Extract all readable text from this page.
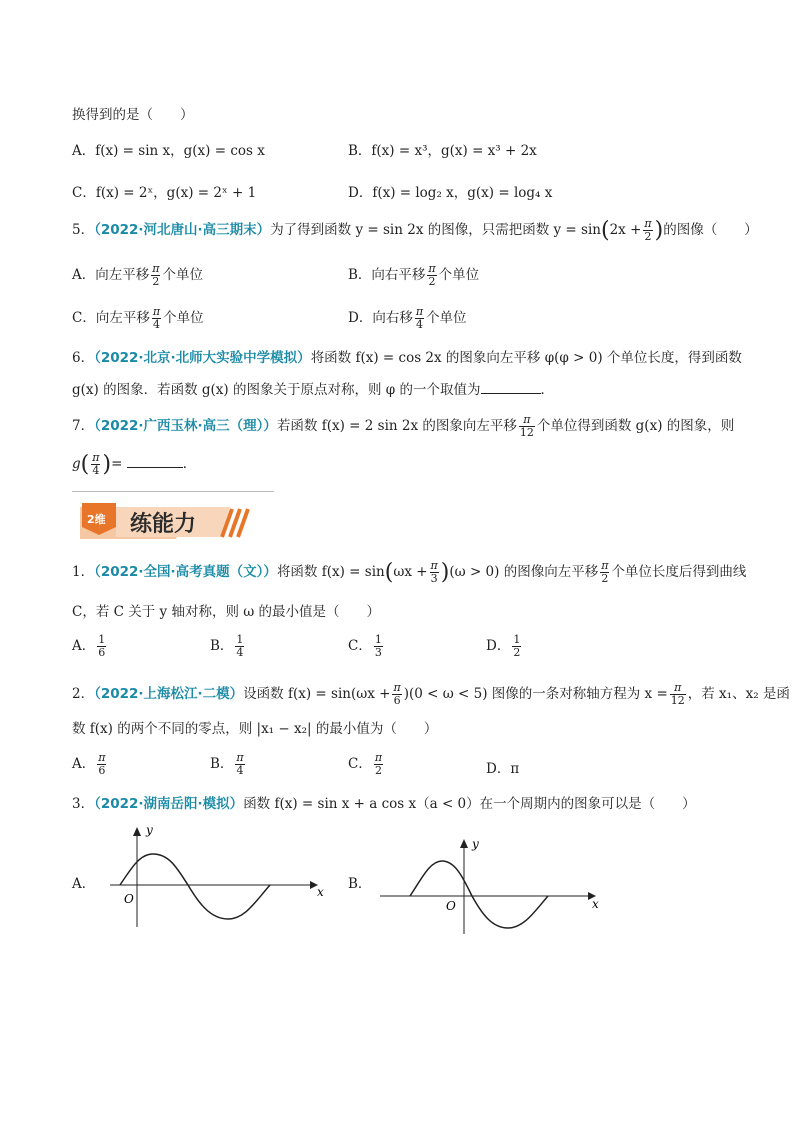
换得到的是（　　）
A．f(x) = sin x，g(x) = cos x	B．f(x) = x³，g(x) = x³ + 2x
C．f(x) = 2ˣ，g(x) = 2ˣ + 1	D．f(x) = log₂ x，g(x) = log₄ x
5．（2022·河北唐山·高三期末）为了得到函数 y = sin 2x 的图像，只需把函数 $y = \sin(2x + \frac{\pi}{2}$ )的图像（　　）
A．向左平移 $\frac{\pi}{2}$ 个单位	B．向右平移 $\frac{\pi}{2}$ 个单位
C．向左平移 $\frac{\pi}{4}$ 个单位	D．向右移 $\frac{\pi}{4}$ 个单位
6．（2022·北京·北师大实验中学模拟）将函数 f(x) = cos 2x 的图象向左平移 φ(φ > 0) 个单位长度，得到函数
g(x) 的图象．若函数 g(x) 的图象关于原点对称，则 φ 的一个取值为	．
7．（2022·广西玉林·高三（理））若函数 f(x) = 2 sin 2x 的图象向左平移 $\frac{\pi}{12}$ 个单位得到函数 g(x) 的图象，则
$g( \frac{\pi}{4}$ )=	．
2维 练能力
1．（2022·全国·高考真题（文））将函数 $f(x) = \sin(\omega x + \frac{\pi}{3} )(\omega > 0)$ 的图像向左平移 $\frac{\pi}{2}$ 个单位长度后得到曲线
C，若 C 关于 y 轴对称，则 ω 的最小值是（　　）
A． $\frac{1}{6}$	B． $\frac{1}{4}$	C． $\frac{1}{3}$	D． $\frac{1}{2}$
2．（2022·上海松江·二模）设函数 $f(x) = \sin(\omega x + \frac{\pi}{6} )(0 < \omega < 5)$ 图像的一条对称轴方程为 $x = \frac{\pi}{12}$ ，若 x₁、x₂ 是函
数 f(x) 的两个不同的零点，则 |x₁ − x₂| 的最小值为（　　）
A． $\frac{\pi}{6}$	B． $\frac{\pi}{4}$	C． $\frac{\pi}{2}$	D．π
3．（2022·湖南岳阳·模拟）函数 f(x) = sin x + a cos x（a < 0）在一个周期内的图象可以是（　　）
A．
y
x
O
B．
y
x
O
